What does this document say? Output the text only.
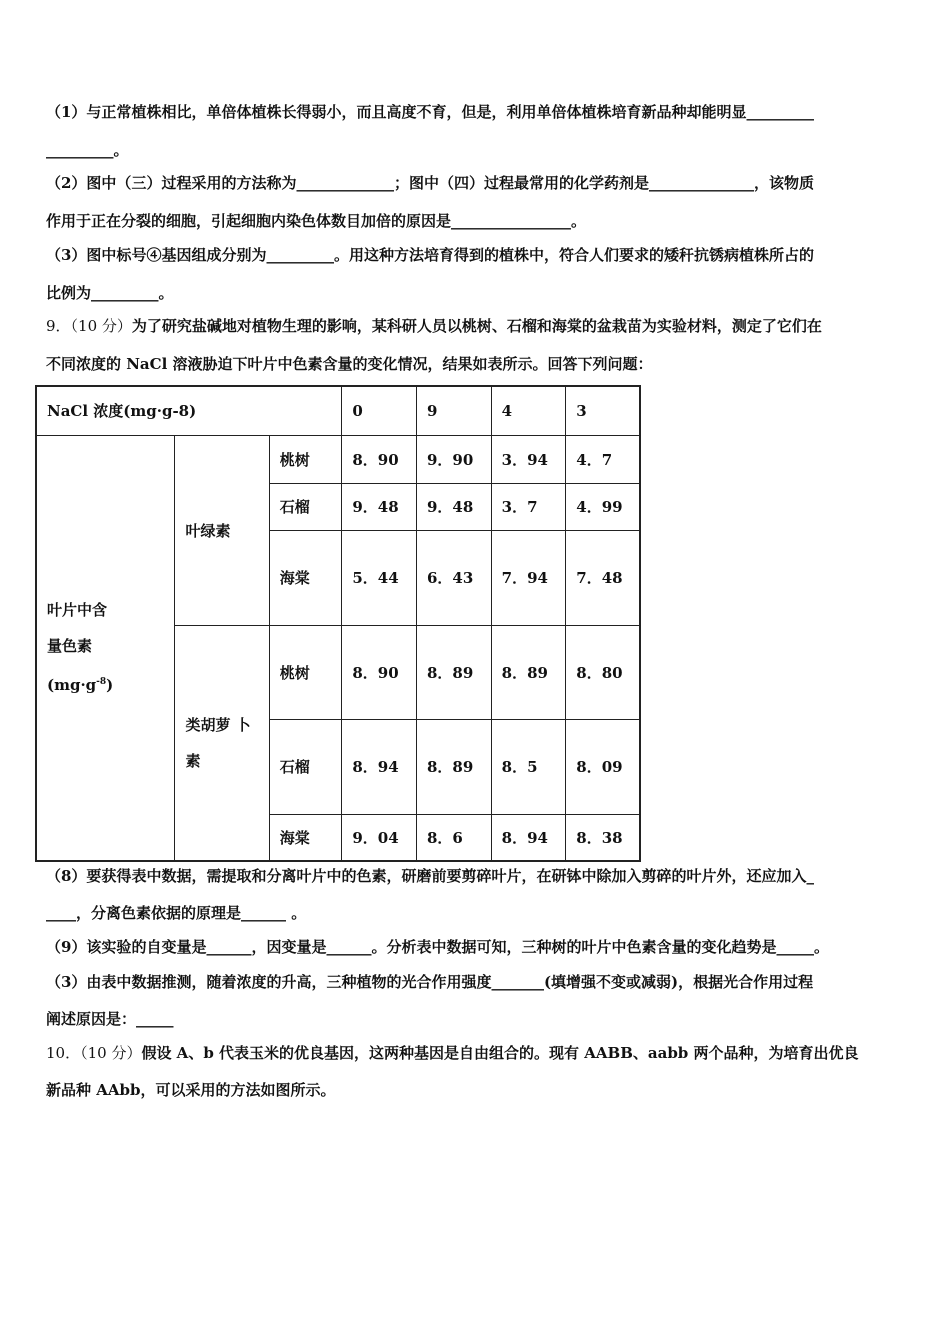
（1）与正常植株相比，单倍体植株长得弱小，而且高度不育，但是，利用单倍体植株培育新品种却能明显_________
_________。
（2）图中（三）过程采用的方法称为_____________；图中（四）过程最常用的化学药剂是______________，该物质
作用于正在分裂的细胞，引起细胞内染色体数目加倍的原因是________________。
（3）图中标号④基因组成分别为_________。用这种方法培育得到的植株中，符合人们要求的矮秆抗锈病植株所占的
比例为_________。
9．（10 分）为了研究盐碱地对植物生理的影响，某科研人员以桃树、石榴和海棠的盆栽苗为实验材料，测定了它们在
不同浓度的 NaCl 溶液胁迫下叶片中色素含量的变化情况，结果如表所示。回答下列问题：
NaCl 浓度(mg·g-8)			0	9	4	3

叶片中含
量色素
$(mg\cdot g^{-8})$	叶绿素	桃树	8．90	9．90	3．94	4．7
		石榴	9．48	9．48	3．7	4．99
		海棠	5．44	6．43	7．94	7．48

	类胡萝 卜
素	桃树	8．90	8．89	8．89	8．80
		石榴	8．94	8．89	8．5	8．09
		海棠	9．04	8．6	8．94	8．38
（8）要获得表中数据，需提取和分离叶片中的色素，研磨前要剪碎叶片，在研钵中除加入剪碎的叶片外，还应加入_
____，分离色素依据的原理是______ 。
（9）该实验的自变量是______，因变量是______。分析表中数据可知，三种树的叶片中色素含量的变化趋势是_____。
（3）由表中数据推测，随着浓度的升高，三种植物的光合作用强度_______(填增强不变或减弱)，根据光合作用过程
阐述原因是：_____
10．（10 分）假设 A、b 代表玉米的优良基因，这两种基因是自由组合的。现有 AABB、aabb 两个品种，为培育出优良
新品种 AAbb，可以采用的方法如图所示。
